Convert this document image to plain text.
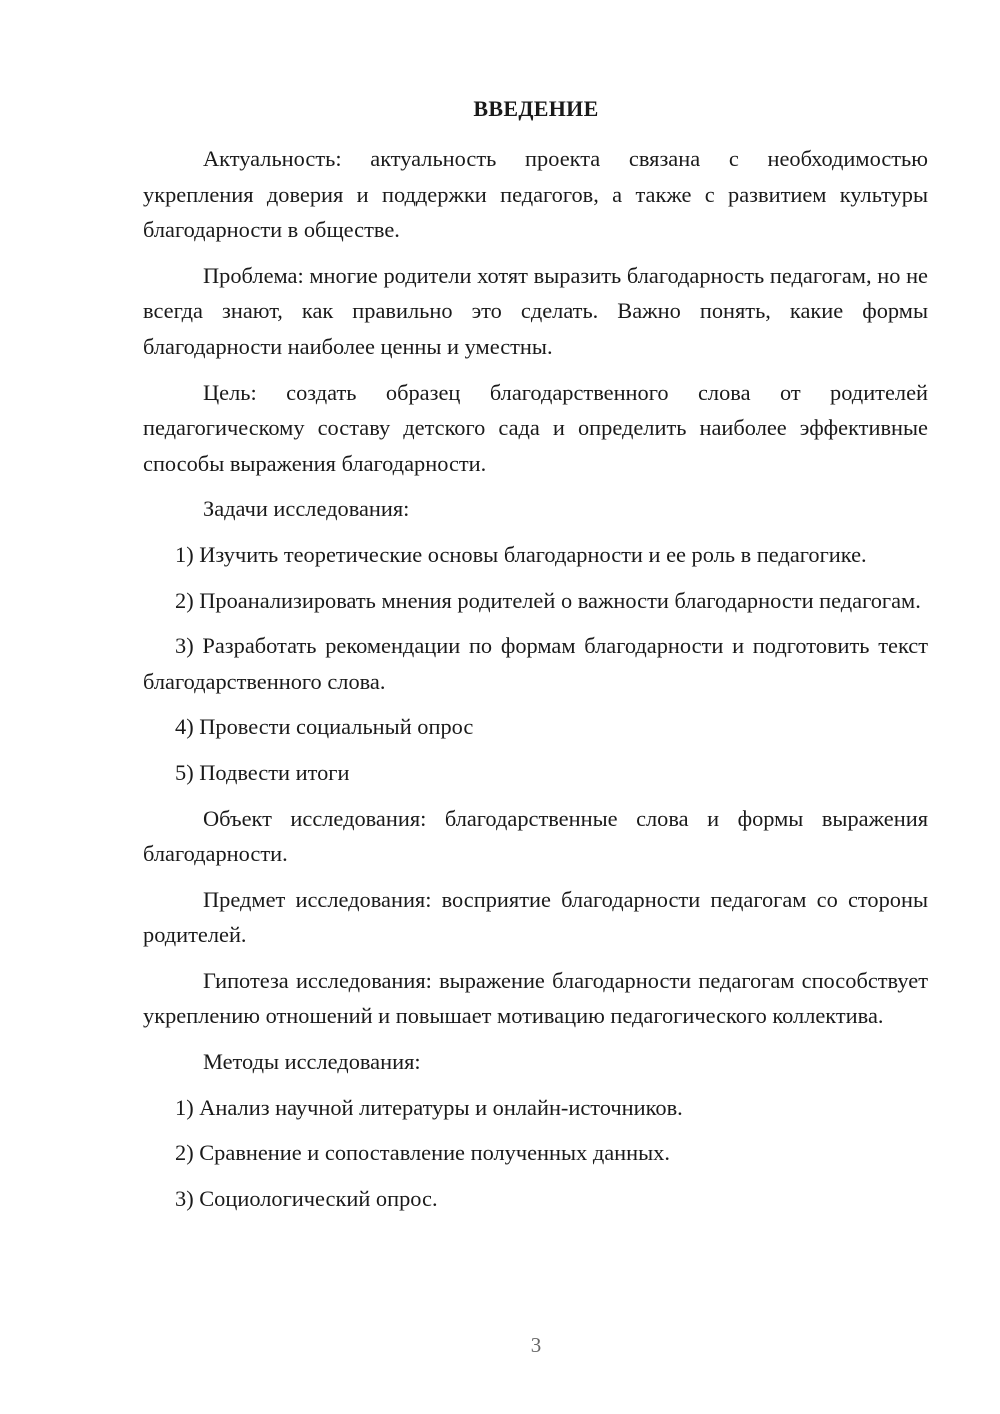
ВВЕДЕНИЕ

Актуальность: актуальность проекта связана с необходимостью укрепления доверия и поддержки педагогов, а также с развитием культуры благодарности в обществе.

Проблема: многие родители хотят выразить благодарность педагогам, но не всегда знают, как правильно это сделать. Важно понять, какие формы благодарности наиболее ценны и уместны.

Цель: создать образец благодарственного слова от родителей педагогическому составу детского сада и определить наиболее эффективные способы выражения благодарности.

Задачи исследования:

1) Изучить теоретические основы благодарности и ее роль в педагогике.

2) Проанализировать мнения родителей о важности благодарности педагогам.

3) Разработать рекомендации по формам благодарности и подготовить текст благодарственного слова.

4) Провести социальный опрос

5) Подвести итоги

Объект исследования: благодарственные слова и формы выражения благодарности.

Предмет исследования: восприятие благодарности педагогам со стороны родителей.

Гипотеза исследования: выражение благодарности педагогам способствует укреплению отношений и повышает мотивацию педагогического коллектива.

Методы исследования:

1) Анализ научной литературы и онлайн-источников.

2) Сравнение и сопоставление полученных данных.

3) Социологический опрос.

3
